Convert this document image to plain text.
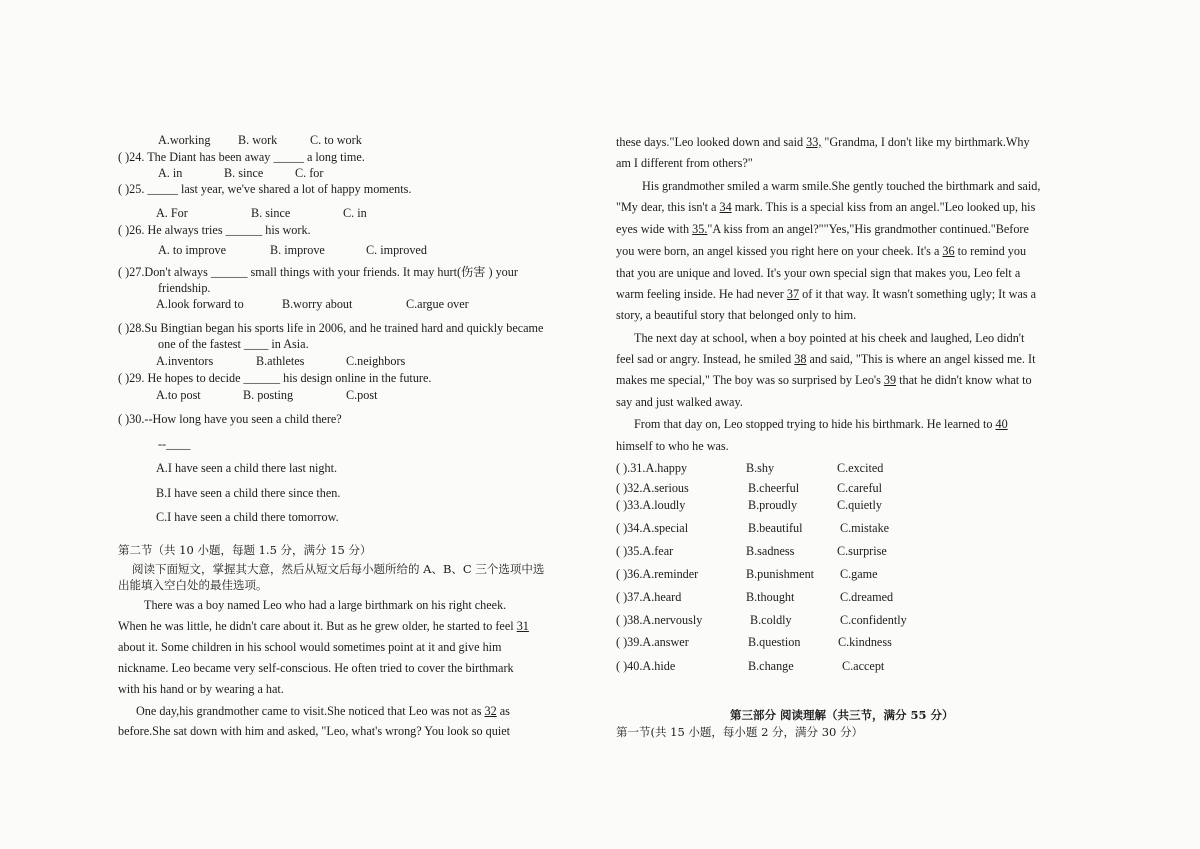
A.working B. work	C. to work
( )24. The Diant has been away _____ a long time.
A. in	B. since	C. for
( )25. _____ last year, we've shared a lot of happy moments.
A. For	B. since	C. in
( )26. He always tries ______ his work.
A. to improve	B. improve	C. improved
( )27.Don't always ______ small things with your friends. It may hurt(伤害 ) your
friendship.
A.look forward to	B.worry about	C.argue over
( )28.Su Bingtian began his sports life in 2006, and he trained hard and quickly became
one of the fastest ____ in Asia.
A.inventors	B.athletes	C.neighbors
( )29. He hopes to decide ______ his design online in the future.
A.to post	B. posting	C.post
( )30.--How long have you seen a child there?
--____
A.I have seen a child there last night.
B.I have seen a child there since then.
C.I have seen a child there tomorrow.
第二节（共 10 小题，每题 1.5 分，满分 15 分）
阅读下面短文，掌握其大意，然后从短文后每小题所给的 A、B、C 三个选项中选
出能填入空白处的最佳选项。
There was a boy named Leo who had a large birthmark on his right cheek.
When he was little, he didn't care about it. But as he grew older, he started to feel 31
about it. Some children in his school would sometimes point at it and give him
nickname. Leo became very self-conscious. He often tried to cover the birthmark
with his hand or by wearing a hat.
One day,his grandmother came to visit.She noticed that Leo was not as 32 as
before.She sat down with him and asked, "Leo, what's wrong? You look so quiet
these days."Leo looked down and said 33, "Grandma, I don't like my birthmark.Why
am I different from others?"
His grandmother smiled a warm smile.She gently touched the birthmark and said,
"My dear, this isn't a 34 mark. This is a special kiss from an angel."Leo looked up, his
eyes wide with 35."A kiss from an angel?""Yes,"His grandmother continued."Before
you were born, an angel kissed you right here on your cheek. It's a 36 to remind you
that you are unique and loved. It's your own special sign that makes you, Leo felt a
warm feeling inside. He had never 37 of it that way. It wasn't something ugly; It was a
story, a beautiful story that belonged only to him.
The next day at school, when a boy pointed at his cheek and laughed, Leo didn't
feel sad or angry. Instead, he smiled 38 and said, "This is where an angel kissed me. It
makes me special," The boy was so surprised by Leo's 39 that he didn't know what to
say and just walked away.
From that day on, Leo stopped trying to hide his birthmark. He learned to 40
himself to who he was.
( ).31.A.happy	B.shy	C.excited
( )32.A.serious	B.cheerful	C.careful
( )33.A.loudly	B.proudly	C.quietly
( )34.A.special	B.beautiful	C.mistake
( )35.A.fear	B.sadness	C.surprise
( )36.A.reminder	B.punishment C.game
( )37.A.heard	B.thought	C.dreamed
( )38.A.nervously	B.coldly	C.confidently
( )39.A.answer	B.question	C.kindness
( )40.A.hide	B.change	C.accept
第三部分 阅读理解（共三节，满分 55 分）
第一节(共 15 小题，每小题 2 分，满分 30 分）
